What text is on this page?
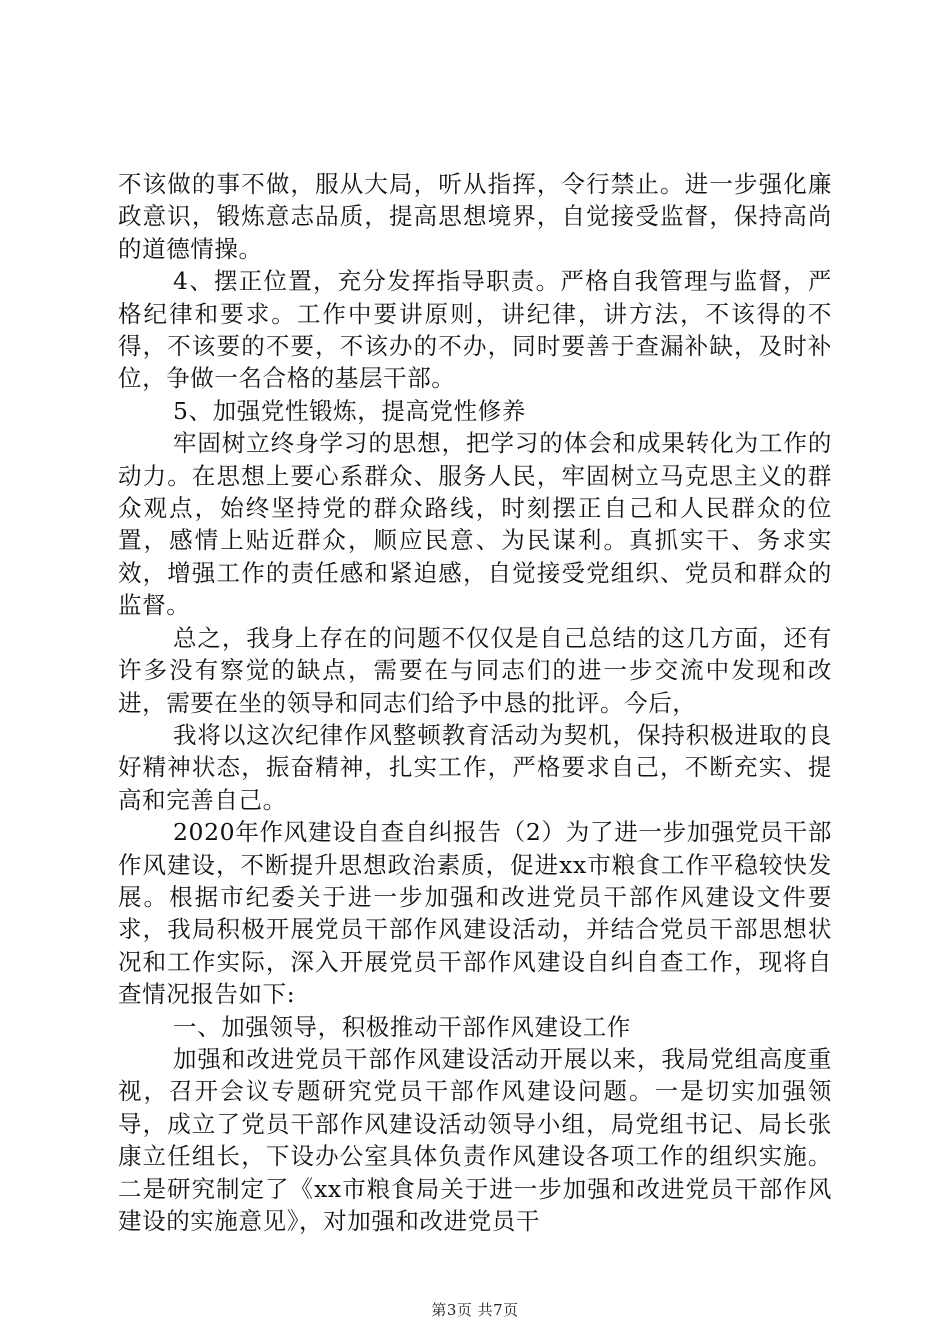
不该做的事不做，服从大局，听从指挥，令行禁止。进一步强化廉政意识，锻炼意志品质，提高思想境界，自觉接受监督，保持高尚的道德情操。

4、摆正位置，充分发挥指导职责。严格自我管理与监督，严格纪律和要求。工作中要讲原则，讲纪律，讲方法，不该得的不得，不该要的不要，不该办的不办，同时要善于查漏补缺，及时补位，争做一名合格的基层干部。

5、加强党性锻炼，提高党性修养

牢固树立终身学习的思想，把学习的体会和成果转化为工作的动力。在思想上要心系群众、服务人民，牢固树立马克思主义的群众观点，始终坚持党的群众路线，时刻摆正自己和人民群众的位置，感情上贴近群众，顺应民意、为民谋利。真抓实干、务求实效，增强工作的责任感和紧迫感，自觉接受党组织、党员和群众的监督。

总之，我身上存在的问题不仅仅是自己总结的这几方面，还有许多没有察觉的缺点，需要在与同志们的进一步交流中发现和改进，需要在坐的领导和同志们给予中恳的批评。今后，

我将以这次纪律作风整顿教育活动为契机，保持积极进取的良好精神状态，振奋精神，扎实工作，严格要求自己，不断充实、提高和完善自己。

2020年作风建设自查自纠报告（2）为了进一步加强党员干部作风建设，不断提升思想政治素质，促进xx市粮食工作平稳较快发展。根据市纪委关于进一步加强和改进党员干部作风建设文件要求，我局积极开展党员干部作风建设活动，并结合党员干部思想状况和工作实际，深入开展党员干部作风建设自纠自查工作，现将自查情况报告如下:

一、加强领导，积极推动干部作风建设工作

加强和改进党员干部作风建设活动开展以来，我局党组高度重视，召开会议专题研究党员干部作风建设问题。一是切实加强领导，成立了党员干部作风建设活动领导小组，局党组书记、局长张康立任组长，下设办公室具体负责作风建设各项工作的组织实施。二是研究制定了《xx市粮食局关于进一步加强和改进党员干部作风建设的实施意见》，对加强和改进党员干

第3页 共7页
